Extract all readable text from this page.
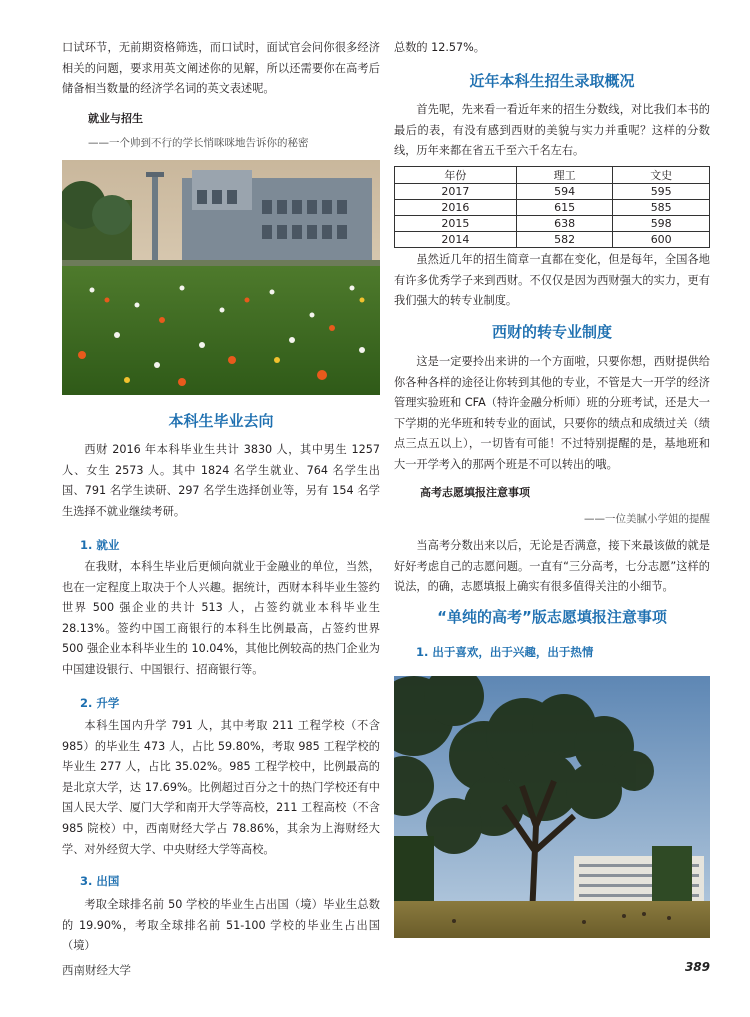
口试环节，无前期资格筛选，而口试时，面试官会问你很多经济相关的问题，要求用英文阐述你的见解，所以还需要你在高考后储备相当数量的经济学名词的英文表述呢。

就业与招生
——一个帅到不行的学长悄咪咪地告诉你的秘密
本科生毕业去向

西财 2016 年本科毕业生共计 3830 人，其中男生 1257 人、女生 2573 人。其中 1824 名学生就业、764 名学生出国、791 名学生读研、297 名学生选择创业等，另有 154 名学生选择不就业继续考研。

1. 就业

在我财，本科生毕业后更倾向就业于金融业的单位，当然，也在一定程度上取决于个人兴趣。据统计，西财本科毕业生签约世界 500 强企业的共计 513 人，占签约就业本科毕业生 28.13%。签约中国工商银行的本科生比例最高，占签约世界 500 强企业本科毕业生的 10.04%，其他比例较高的热门企业为中国建设银行、中国银行、招商银行等。

2. 升学

本科生国内升学 791 人，其中考取 211 工程学校（不含 985）的毕业生 473 人，占比 59.80%，考取 985 工程学校的毕业生 277 人，占比 35.02%。985 工程学校中，比例最高的是北京大学，达 17.69%。比例超过百分之十的热门学校还有中国人民大学、厦门大学和南开大学等高校，211 工程高校（不含 985 院校）中，西南财经大学占 78.86%，其余为上海财经大学、对外经贸大学、中央财经大学等高校。

3. 出国

考取全球排名前 50 学校的毕业生占出国（境）毕业生总数的 19.90%，考取全球排名前 51-100 学校的毕业生占出国（境）

总数的 12.57%。

近年本科生招生录取概况

首先呢，先来看一看近年来的招生分数线，对比我们本书的最后的表，有没有感到西财的美貌与实力并重呢？这样的分数线，历年来都在省五千至六千名左右。

年份	理工	文史
2017	594	595
2016	615	585
2015	638	598
2014	582	600

虽然近几年的招生简章一直都在变化，但是每年，全国各地有许多优秀学子来到西财。不仅仅是因为西财强大的实力，更有我们强大的转专业制度。

西财的转专业制度

这是一定要拎出来讲的一个方面啦，只要你想，西财提供给你各种各样的途径让你转到其他的专业，不管是大一开学的经济管理实验班和 CFA（特许金融分析师）班的分班考试，还是大一下学期的光华班和转专业的面试，只要你的绩点和成绩过关（绩点三点五以上），一切皆有可能！不过特别提醒的是，基地班和大一开学考入的那两个班是不可以转出的哦。

高考志愿填报注意事项
——一位美腻小学姐的提醒

当高考分数出来以后，无论是否满意，接下来最该做的就是好好考虑自己的志愿问题。一直有“三分高考，七分志愿”这样的说法，的确，志愿填报上确实有很多值得关注的小细节。

“单纯的高考”版志愿填报注意事项
1. 出于喜欢，出于兴趣，出于热情
西南财经大学	389
